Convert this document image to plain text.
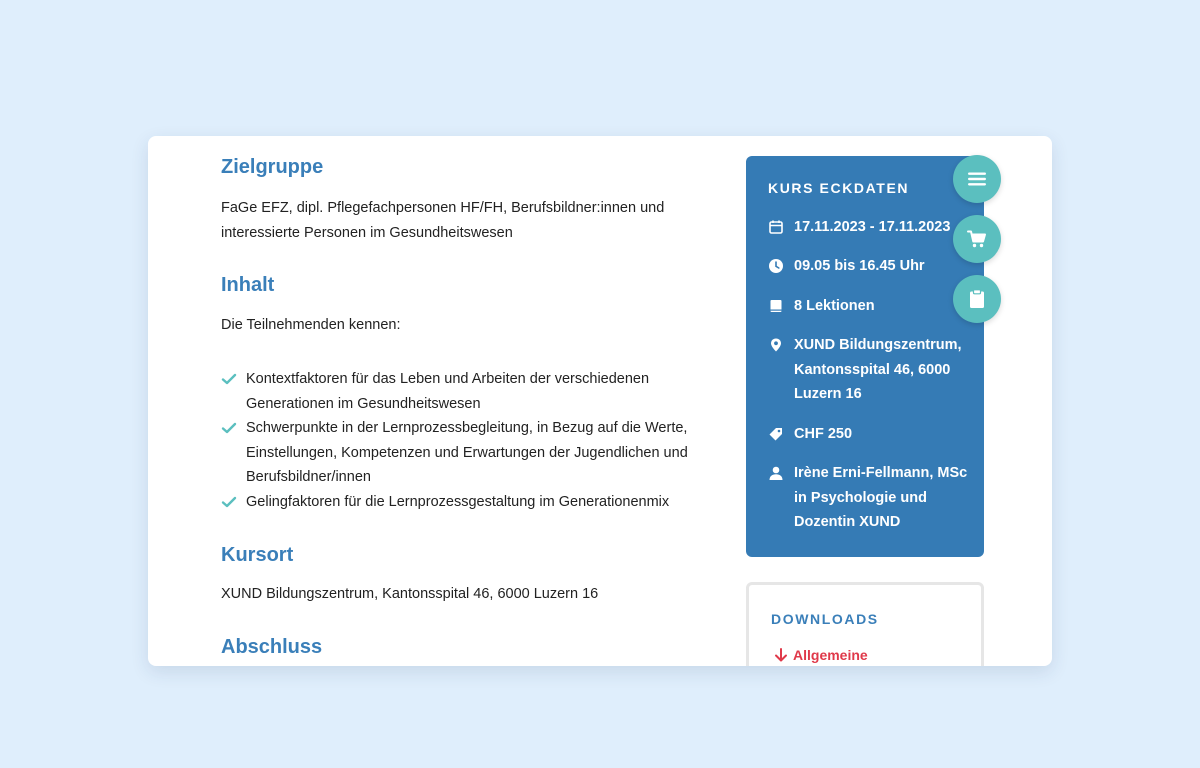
Zielgruppe
FaGe EFZ, dipl. Pflegefachpersonen HF/FH, Berufsbildner:innen und
interessierte Personen im Gesundheitswesen
Inhalt
Die Teilnehmenden kennen:
Kontextfaktoren für das Leben und Arbeiten der verschiedenen
Generationen im Gesundheitswesen
Schwerpunkte in der Lernprozessbegleitung, in Bezug auf die Werte,
Einstellungen, Kompetenzen und Erwartungen der Jugendlichen und
Berufsbildner/innen
Gelingfaktoren für die Lernprozessgestaltung im Generationenmix
Kursort
XUND Bildungszentrum, Kantonsspital 46, 6000 Luzern 16
Abschluss
KURS ECKDATEN
17.11.2023 - 17.11.2023
09.05 bis 16.45 Uhr
8 Lektionen
XUND Bildungszentrum,
Kantonsspital 46, 6000
Luzern 16
CHF 250
Irène Erni-Fellmann, MSc
in Psychologie und
Dozentin XUND
DOWNLOADS
Allgemeine
